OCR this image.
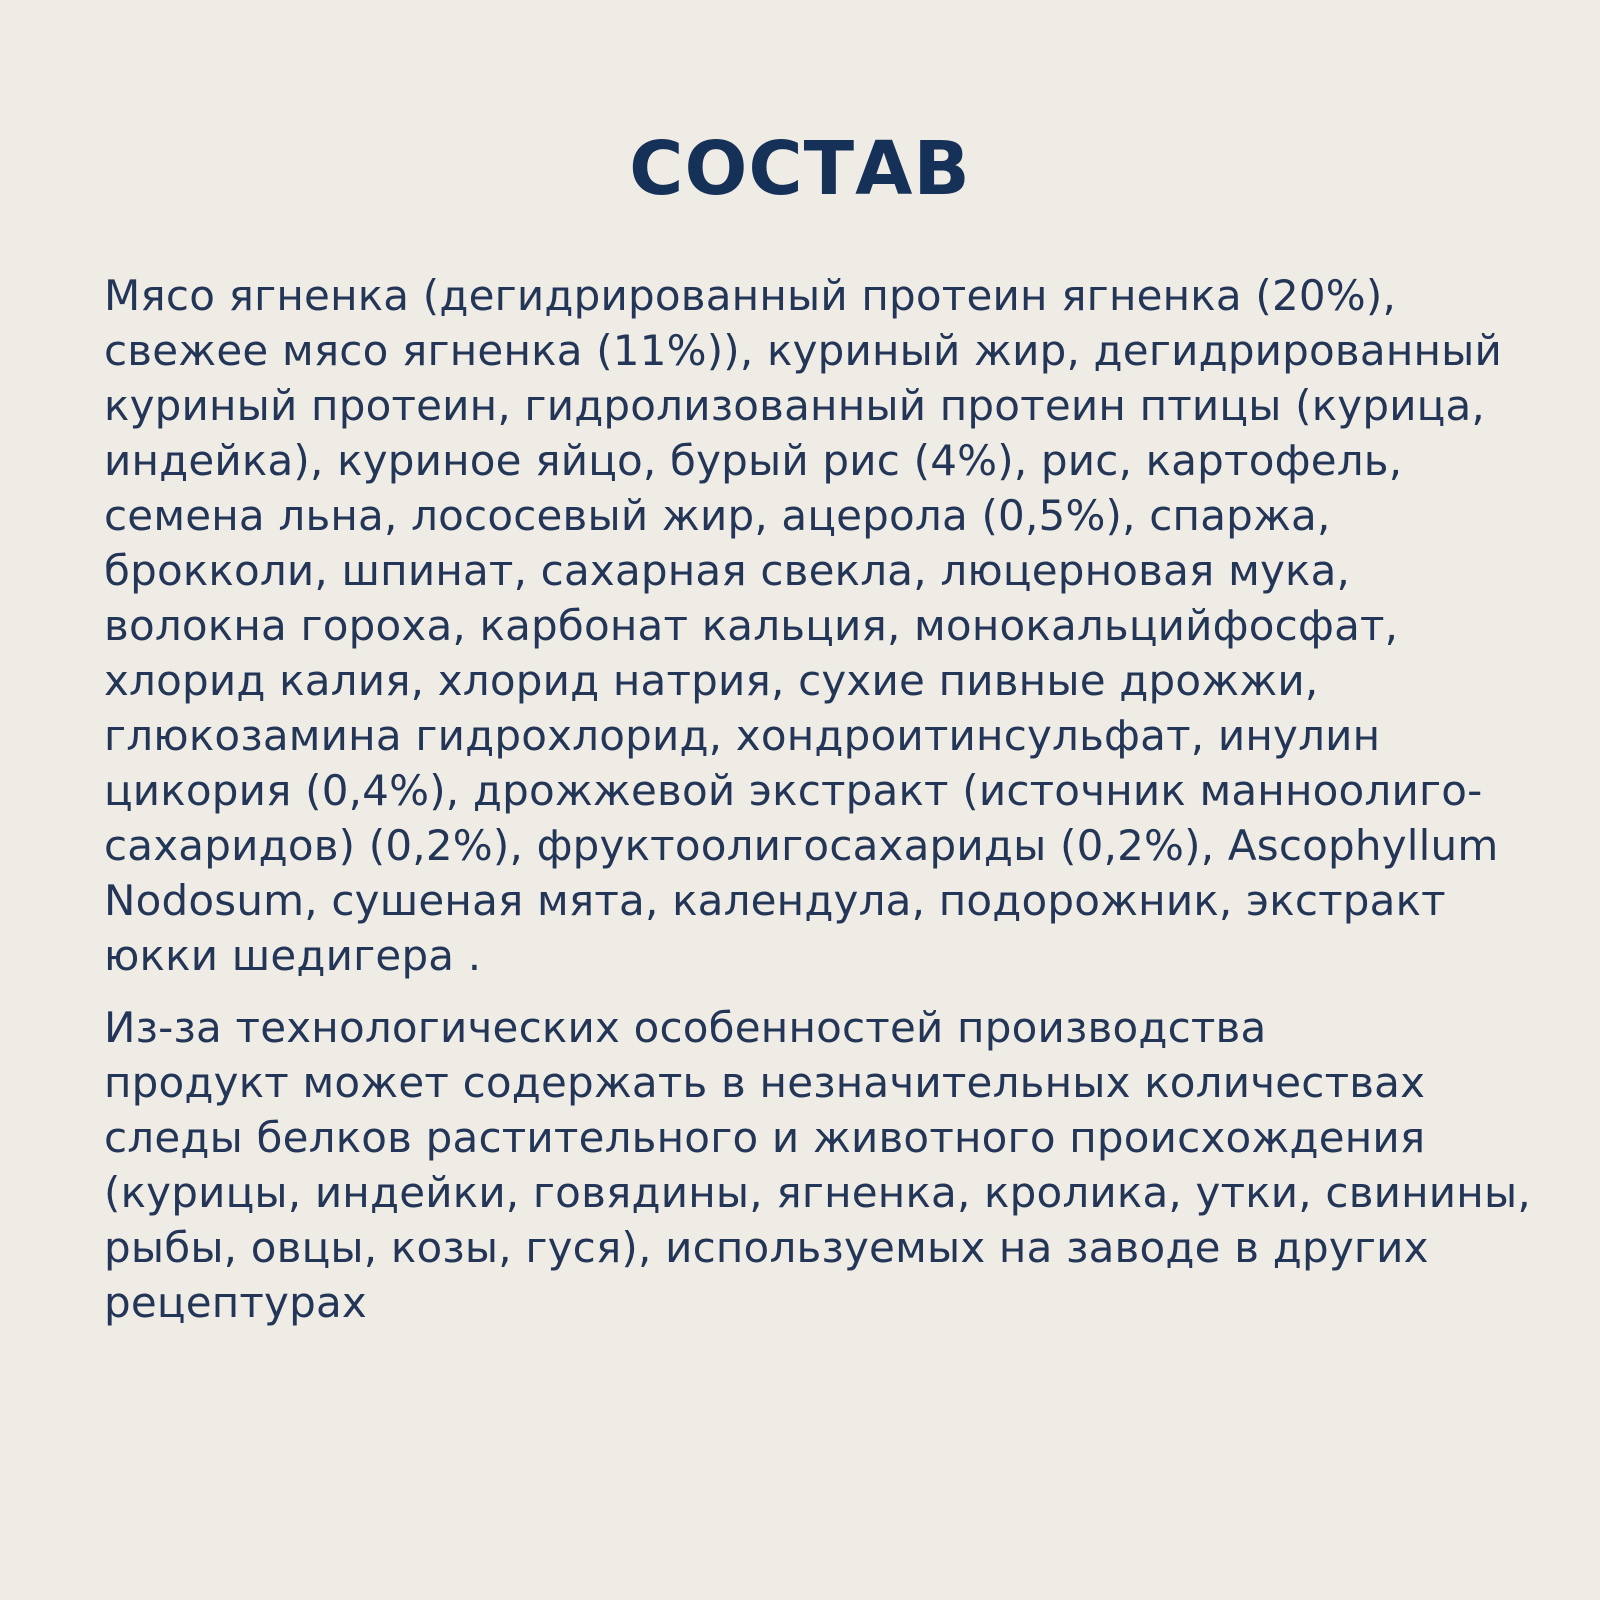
СОСТАВ
Мясо ягненка (дегидрированный протеин ягненка (20%),
свежее мясо ягненка (11%)), куриный жир, дегидрированный
куриный протеин, гидролизованный протеин птицы (курица,
индейка), куриное яйцо, бурый рис (4%), рис, картофель,
семена льна, лососевый жир, ацерола (0,5%), спаржа,
брокколи, шпинат, сахарная свекла, люцерновая мука,
волокна гороха, карбонат кальция, монокальцийфосфат,
хлорид калия, хлорид натрия, сухие пивные дрожжи,
глюкозамина гидрохлорид, хондроитинсульфат, инулин
цикория (0,4%), дрожжевой экстракт (источник манноолиго-
сахаридов) (0,2%), фруктоолигосахариды (0,2%), Ascophyllum
Nodosum, сушеная мята, календула, подорожник, экстракт
юкки шедигера .
Из-за технологических особенностей производства
продукт может содержать в незначительных количествах
следы белков растительного и животного происхождения
(курицы, индейки, говядины, ягненка, кролика, утки, свинины,
рыбы, овцы, козы, гуся), используемых на заводе в других
рецептурах
